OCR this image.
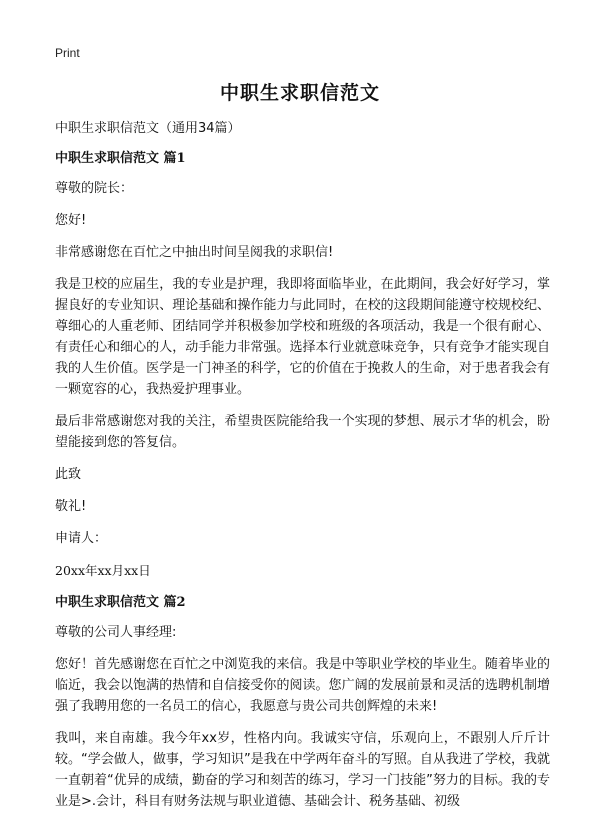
Print
中职生求职信范文
中职生求职信范文（通用34篇）
中职生求职信范文 篇1

尊敬的院长：

您好!

非常感谢您在百忙之中抽出时间呈阅我的求职信!

我是卫校的应届生，我的专业是护理，我即将面临毕业，在此期间，我会好好学习，掌握良好的专业知识、理论基础和操作能力与此同时，在校的这段期间能遵守校规校纪、尊细心的人重老师、团结同学并积极参加学校和班级的各项活动，我是一个很有耐心、有责任心和细心的人，动手能力非常强。选择本行业就意味竞争，只有竞争才能实现自我的人生价值。医学是一门神圣的科学，它的价值在于挽救人的生命，对于患者我会有一颗宽容的心，我热爱护理事业。

最后非常感谢您对我的关注，希望贵医院能给我一个实现的梦想、展示才华的机会，盼望能接到您的答复信。

此致

敬礼!

申请人：

20xx年xx月xx日

中职生求职信范文 篇2

尊敬的公司人事经理:

您好！首先感谢您在百忙之中浏览我的来信。我是中等职业学校的毕业生。随着毕业的临近，我会以饱满的热情和自信接受你的阅读。您广阔的发展前景和灵活的选聘机制增强了我聘用您的一名员工的信心，我愿意与贵公司共创辉煌的未来!

我叫，来自南雄。我今年xx岁，性格内向。我诚实守信，乐观向上，不跟别人斤斤计较。“学会做人，做事，学习知识”是我在中学两年奋斗的写照。自从我进了学校，我就一直朝着“优异的成绩，勤奋的学习和刻苦的练习，学习一门技能”努力的目标。我的专业是>.会计，科目有财务法规与职业道德、基础会计、税务基础、初级
